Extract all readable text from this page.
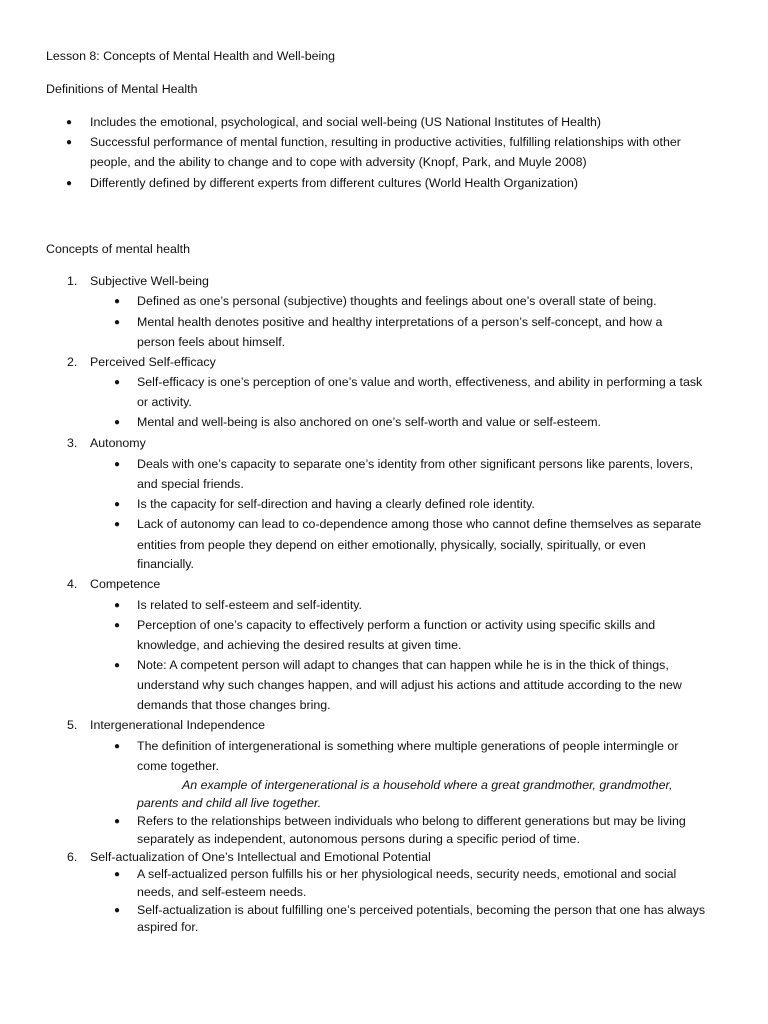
Lesson 8: Concepts of Mental Health and Well-being
Definitions of Mental Health
● Includes the emotional, psychological, and social well-being (US National Institutes of Health)
● Successful performance of mental function, resulting in productive activities, fulfilling relationships with other
people, and the ability to change and to cope with adversity (Knopf, Park, and Muyle 2008)
● Differently defined by different experts from different cultures (World Health Organization)
Concepts of mental health
1. Subjective Well-being
● Defined as one’s personal (subjective) thoughts and feelings about one’s overall state of being.
● Mental health denotes positive and healthy interpretations of a person’s self-concept, and how a
person feels about himself.
2. Perceived Self-efficacy
● Self-efficacy is one’s perception of one’s value and worth, effectiveness, and ability in performing a task
or activity.
● Mental and well-being is also anchored on one’s self-worth and value or self-esteem.
3. Autonomy
● Deals with one’s capacity to separate one’s identity from other significant persons like parents, lovers,
and special friends.
● Is the capacity for self-direction and having a clearly defined role identity.
● Lack of autonomy can lead to co-dependence among those who cannot define themselves as separate
entities from people they depend on either emotionally, physically, socially, spiritually, or even
financially.
4. Competence
● Is related to self-esteem and self-identity.
● Perception of one’s capacity to effectively perform a function or activity using specific skills and
knowledge, and achieving the desired results at given time.
● Note: A competent person will adapt to changes that can happen while he is in the thick of things,
understand why such changes happen, and will adjust his actions and attitude according to the new
demands that those changes bring.
5. Intergenerational Independence
● The definition of intergenerational is something where multiple generations of people intermingle or
come together.
An example of intergenerational is a household where a great grandmother, grandmother,
parents and child all live together.
● Refers to the relationships between individuals who belong to different generations but may be living
separately as independent, autonomous persons during a specific period of time.
6. Self-actualization of One’s Intellectual and Emotional Potential
● A self-actualized person fulfills his or her physiological needs, security needs, emotional and social
needs, and self-esteem needs.
● Self-actualization is about fulfilling one’s perceived potentials, becoming the person that one has always
aspired for.
